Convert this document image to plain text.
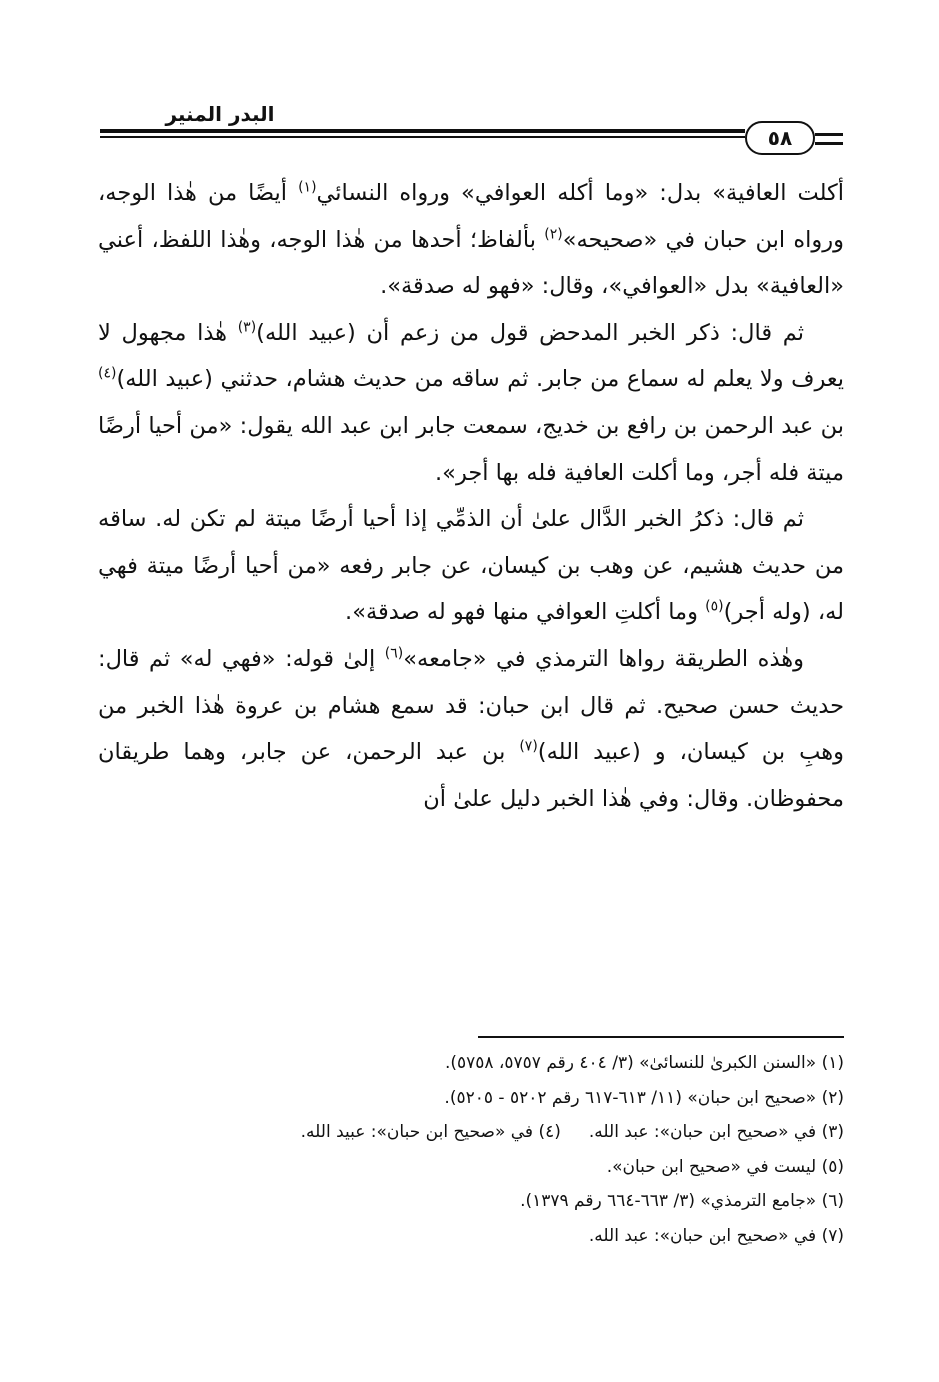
البدر المنير
٥٨

أكلت العافية» بدل: «وما أكله العوافي» ورواه النسائي$^{(١)}$ أيضًا من هٰذا الوجه، ورواه ابن حبان في «صحيحه»$^{(٢)}$ بألفاظ؛ أحدها من هٰذا الوجه، وهٰذا اللفظ، أعني «العافية» بدل «العوافي»، وقال: «فهو له صدقة».

ثم قال: ذكر الخبر المدحض قول من زعم أن (عبيد الله)$^{(٣)}$ هٰذا مجهول لا يعرف ولا يعلم له سماع من جابر. ثم ساقه من حديث هشام، حدثني (عبيد الله)$^{(٤)}$ بن عبد الرحمن بن رافع بن خديج، سمعت جابر ابن عبد الله يقول: «من أحيا أرضًا ميتة فله أجر، وما أكلت العافية فله بها أجر».

ثم قال: ذكرُ الخبر الدَّال علىٰ أن الذمِّي إذا أحيا أرضًا ميتة لم تكن له. ساقه من حديث هشيم، عن وهب بن كيسان، عن جابر رفعه «من أحيا أرضًا ميتة فهي له، (وله أجر)$^{(٥)}$ وما أكلتِ العوافي منها فهو له صدقة».

وهٰذه الطريقة رواها الترمذي في «جامعه»$^{(٦)}$ إلىٰ قوله: «فهي له» ثم قال: حديث حسن صحيح. ثم قال ابن حبان: قد سمع هشام بن عروة هٰذا الخبر من وهبِ بن كيسان، و (عبيد الله)$^{(٧)}$ بن عبد الرحمن، عن جابر، وهما طريقان محفوظان. وقال: وفي هٰذا الخبر دليل علىٰ أن

(١) «السنن الكبرىٰ للنسائىٰ» (٣/ ٤٠٤ رقم ٥٧٥٧، ٥٧٥٨).

(٢) «صحيح ابن حبان» (١١/ ٦١٣-٦١٧ رقم ٥٢٠٢ - ٥٢٠٥).

(٣) في «صحيح ابن حبان»: عبد الله.(٤) في «صحيح ابن حبان»: عبيد الله.

(٥) ليست في «صحيح ابن حبان».

(٦) «جامع الترمذي» (٣/ ٦٦٣-٦٦٤ رقم ١٣٧٩).

(٧) في «صحيح ابن حبان»: عبد الله.
